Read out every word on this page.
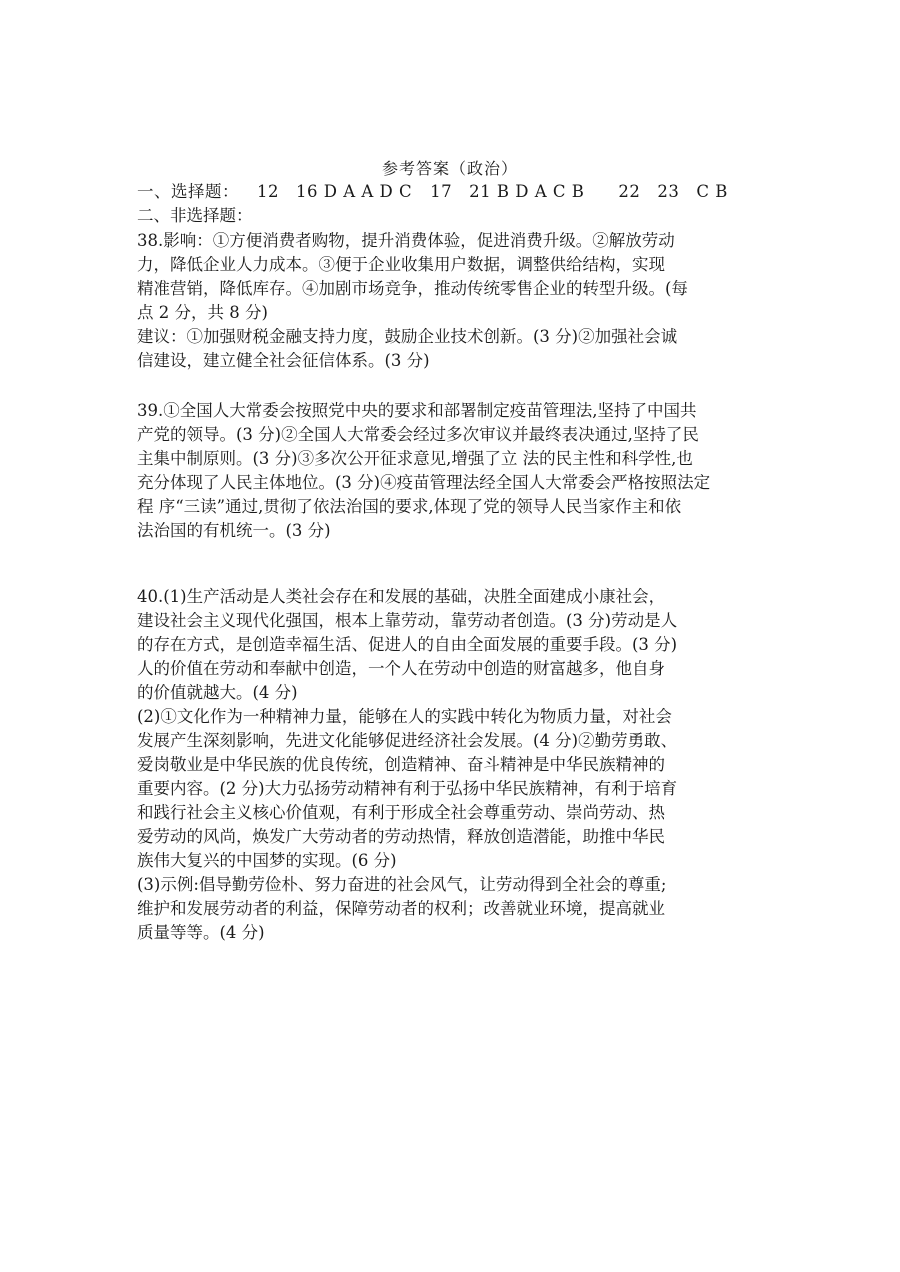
参考答案（政治）
一、选择题： 12　16 D A A D C 17　21 B D A C B 22　23　C B
二、非选择题：
38.影响：①方便消费者购物，提升消费体验，促进消费升级。②解放劳动
力，降低企业人力成本。③便于企业收集用户数据，调整供给结构，实现
精准营销，降低库存。④加剧市场竞争，推动传统零售企业的转型升级。(每
点 2 分，共 8 分)
建议：①加强财税金融支持力度，鼓励企业技术创新。(3 分)②加强社会诚
信建设，建立健全社会征信体系。(3 分)
39.①全国人大常委会按照党中央的要求和部署制定疫苗管理法,坚持了中国共
产党的领导。(3 分)②全国人大常委会经过多次审议并最终表决通过,坚持了民
主集中制原则。(3 分)③多次公开征求意见,增强了立 法的民主性和科学性,也
充分体现了人民主体地位。(3 分)④疫苗管理法经全国人大常委会严格按照法定
程 序“三读”通过,贯彻了依法治国的要求,体现了党的领导人民当家作主和依
法治国的有机统一。(3 分)
40.(1)生产活动是人类社会存在和发展的基础，决胜全面建成小康社会，
建设社会主义现代化强国，根本上靠劳动，靠劳动者创造。(3 分)劳动是人
的存在方式，是创造幸福生活、促进人的自由全面发展的重要手段。(3 分)
人的价值在劳动和奉献中创造，一个人在劳动中创造的财富越多，他自身
的价值就越大。(4 分)
(2)①文化作为一种精神力量，能够在人的实践中转化为物质力量，对社会
发展产生深刻影响，先进文化能够促进经济社会发展。(4 分)②勤劳勇敢、
爱岗敬业是中华民族的优良传统，创造精神、奋斗精神是中华民族精神的
重要内容。(2 分)大力弘扬劳动精神有利于弘扬中华民族精神，有利于培育
和践行社会主义核心价值观，有利于形成全社会尊重劳动、崇尚劳动、热
爱劳动的风尚，焕发广大劳动者的劳动热情，释放创造潜能，助推中华民
族伟大复兴的中国梦的实现。(6 分)
(3)示例:倡导勤劳俭朴、努力奋进的社会风气，让劳动得到全社会的尊重;
维护和发展劳动者的利益，保障劳动者的权利；改善就业环境，提高就业
质量等等。(4 分)
